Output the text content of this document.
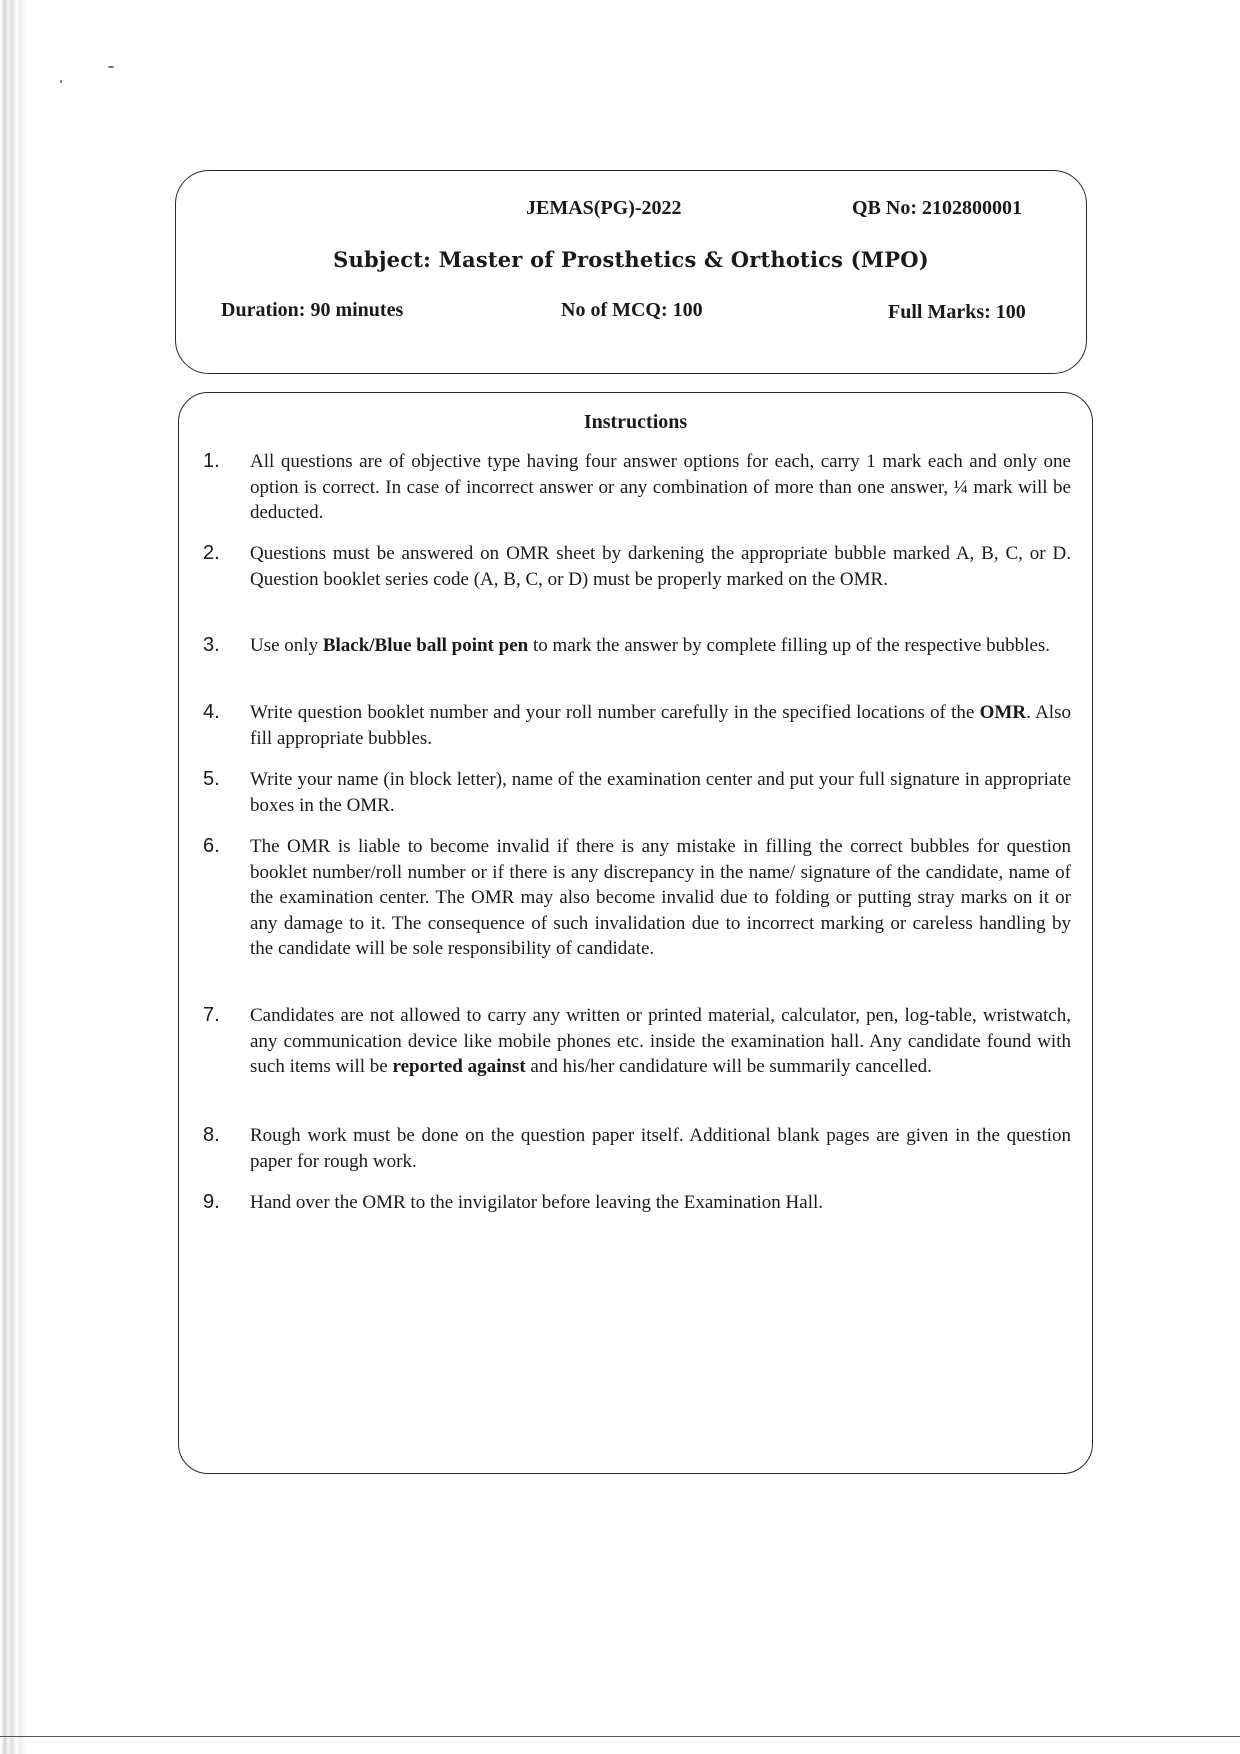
JEMAS(PG)-2022	QB No: 2102800001
Subject: Master of Prosthetics & Orthotics (MPO)
Duration: 90 minutes	No of MCQ: 100	Full Marks: 100
Instructions
1.	All questions are of objective type having four answer options for each, carry 1 mark each and only one option is correct. In case of incorrect answer or any combination of more than one answer, ¼ mark will be deducted.
2.	Questions must be answered on OMR sheet by darkening the appropriate bubble marked A, B, C, or D. Question booklet series code (A, B, C, or D) must be properly marked on the OMR.
3.	Use only Black/Blue ball point pen to mark the answer by complete filling up of the respective bubbles.
4.	Write question booklet number and your roll number carefully in the specified locations of the OMR. Also fill appropriate bubbles.
5.	Write your name (in block letter), name of the examination center and put your full signature in appropriate boxes in the OMR.
6.	The OMR is liable to become invalid if there is any mistake in filling the correct bubbles for question booklet number/roll number or if there is any discrepancy in the name/ signature of the candidate, name of the examination center. The OMR may also become invalid due to folding or putting stray marks on it or any damage to it. The consequence of such invalidation due to incorrect marking or careless handling by the candidate will be sole responsibility of candidate.
7.	Candidates are not allowed to carry any written or printed material, calculator, pen, log-table, wristwatch, any communication device like mobile phones etc. inside the examination hall. Any candidate found with such items will be reported against and his/her candidature will be summarily cancelled.
8.	Rough work must be done on the question paper itself. Additional blank pages are given in the question paper for rough work.
9.	Hand over the OMR to the invigilator before leaving the Examination Hall.
